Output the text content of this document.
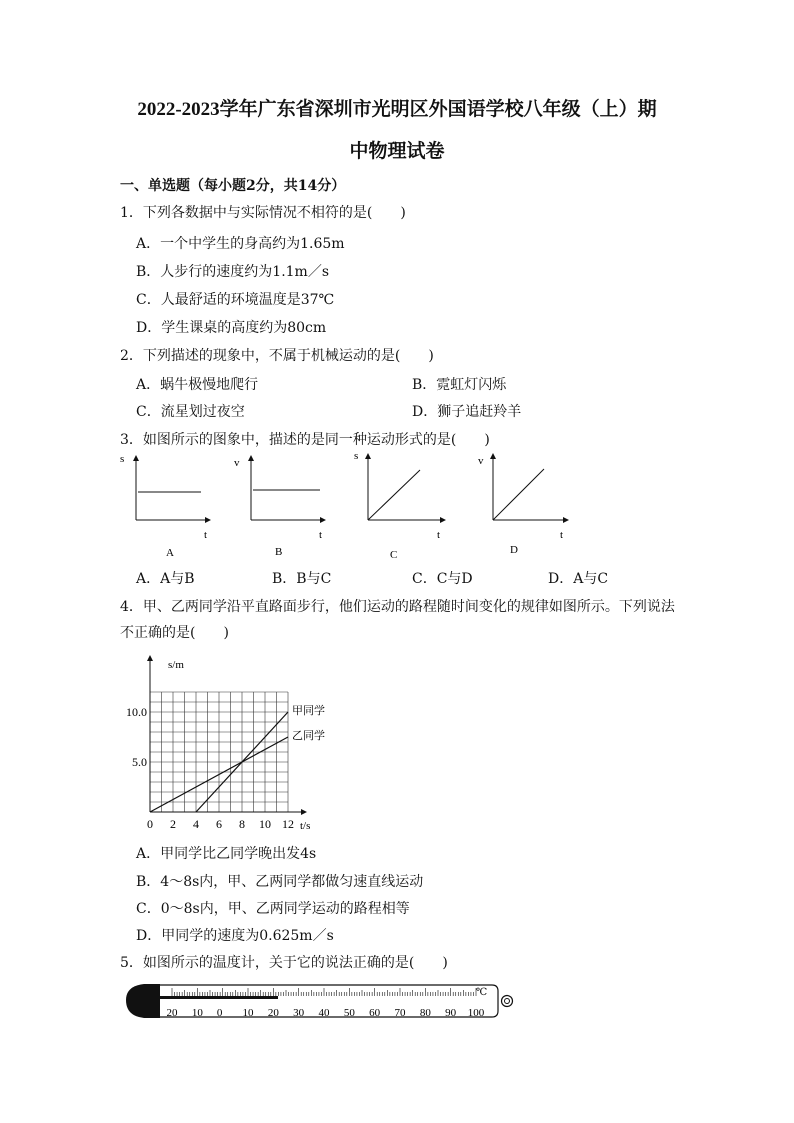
2022-2023学年广东省深圳市光明区外国语学校八年级（上）期
中物理试卷
一、单选题（每小题2分，共14分）
1．下列各数据中与实际情况不相符的是(　　)
A．一个中学生的身高约为1.65m
B．人步行的速度约为1.1m／s
C．人最舒适的环境温度是37℃
D．学生课桌的高度约为80cm
2．下列描述的现象中，不属于机械运动的是(　　)
A．蜗牛极慢地爬行	B．霓虹灯闪烁
C．流星划过夜空	D．狮子追赶羚羊
3．如图所示的图象中，描述的是同一种运动形式的是(　　)
s
t
A
v
t
B
s
t
C
v
t
D
A．A与B	B．B与C	C．C与D	D．A与C
4．甲、乙两同学沿平直路面步行，他们运动的路程随时间变化的规律如图所示。下列说法
不正确的是(　　)
甲同学
乙同学
0 2 4 6 8 10 12
5.0
10.0
s/m
t/s
A．甲同学比乙同学晚出发4s
B．4～8s内，甲、乙两同学都做匀速直线运动
C．0～8s内，甲、乙两同学运动的路程相等
D．甲同学的速度为0.625m／s
5．如图所示的温度计，关于它的说法正确的是(　　)
20 10 0 10 20 30 40 50 60 70 80 90 100
℃
